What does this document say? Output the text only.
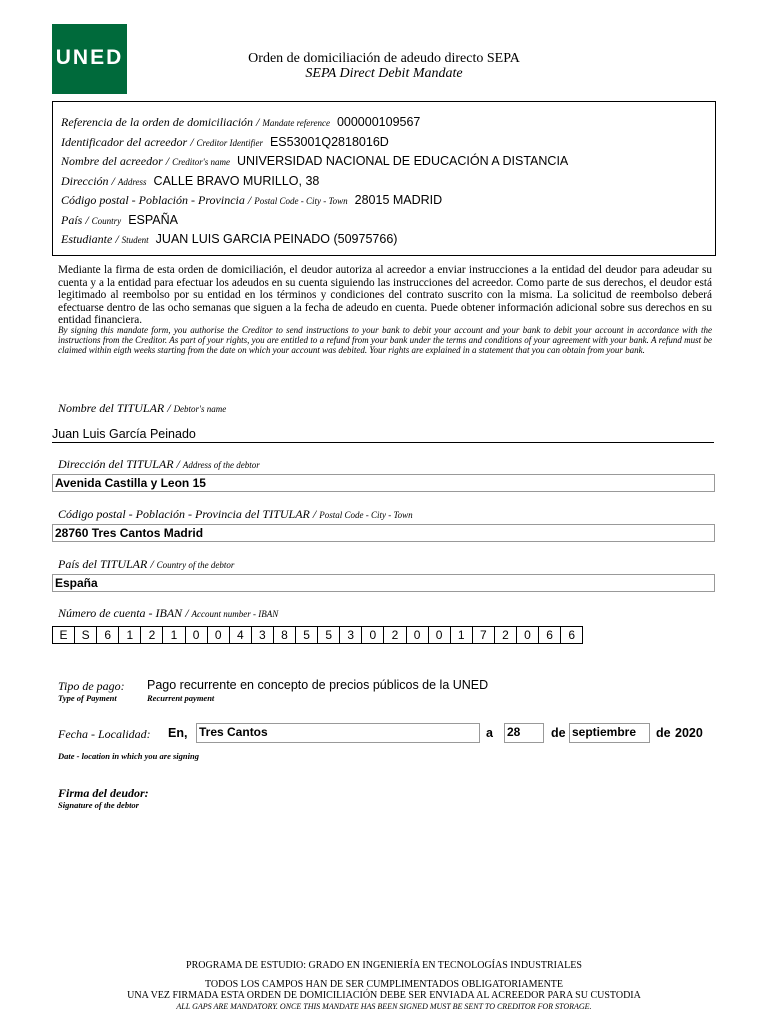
UNED	Orden de domiciliación de adeudo directo SEPA
SEPA Direct Debit Mandate
Referencia de la orden de domiciliación / Mandate reference 000000109567
Identificador del acreedor / Creditor Identifier ES53001Q2818016D
Nombre del acreedor / Creditor's name UNIVERSIDAD NACIONAL DE EDUCACIÓN A DISTANCIA
Dirección / Address CALLE BRAVO MURILLO, 38
Código postal - Población - Provincia / Postal Code - City - Town 28015 MADRID
País / Country ESPAÑA
Estudiante / Student JUAN LUIS GARCIA PEINADO (50975766)
Mediante la firma de esta orden de domiciliación, el deudor autoriza al acreedor a enviar instrucciones a la entidad del deudor para adeudar su cuenta y a la entidad para efectuar los adeudos en su cuenta siguiendo las instrucciones del acreedor. Como parte de sus derechos, el deudor está legitimado al reembolso por su entidad en los términos y condiciones del contrato suscrito con la misma. La solicitud de reembolso deberá efectuarse dentro de las ocho semanas que siguen a la fecha de adeudo en cuenta. Puede obtener información adicional sobre sus derechos en su entidad financiera.
By signing this mandate form, you authorise the Creditor to send instructions to your bank to debit your account and your bank to debit your account in accordance with the instructions from the Creditor. As part of your rights, you are entitled to a refund from your bank under the terms and conditions of your agreement with your bank. A refund must be claimed within eigth weeks starting from the date on which your account was debited. Your rights are explained in a statement that you can obtain from your bank.
Nombre del TITULAR / Debtor's name
Juan Luis García Peinado
Dirección del TITULAR / Address of the debtor
Avenida Castilla y Leon 15
Código postal - Población - Provincia del TITULAR / Postal Code - City - Town
28760 Tres Cantos Madrid
País del TITULAR / Country of the debtor
España
Número de cuenta - IBAN / Account number - IBAN
E	S	6	1	2	1	0	0	4	3	8	5	5	3	0	2	0	0	1	7	2	0	6	6
Tipo de pago:
Type of Payment
Pago recurrente en concepto de precios públicos de la UNED
Recurrent payment
Fecha - Localidad: En, Tres Cantos	a 28	de septiembre	de 2020
Date - location in which you are signing
Firma del deudor:
Signature of the debtor
PROGRAMA DE ESTUDIO: GRADO EN INGENIERÍA EN TECNOLOGÍAS INDUSTRIALES
TODOS LOS CAMPOS HAN DE SER CUMPLIMENTADOS OBLIGATORIAMENTE
UNA VEZ FIRMADA ESTA ORDEN DE DOMICILIACIÓN DEBE SER ENVIADA AL ACREEDOR PARA SU CUSTODIA
ALL GAPS ARE MANDATORY. ONCE THIS MANDATE HAS BEEN SIGNED MUST BE SENT TO CREDITOR FOR STORAGE.
